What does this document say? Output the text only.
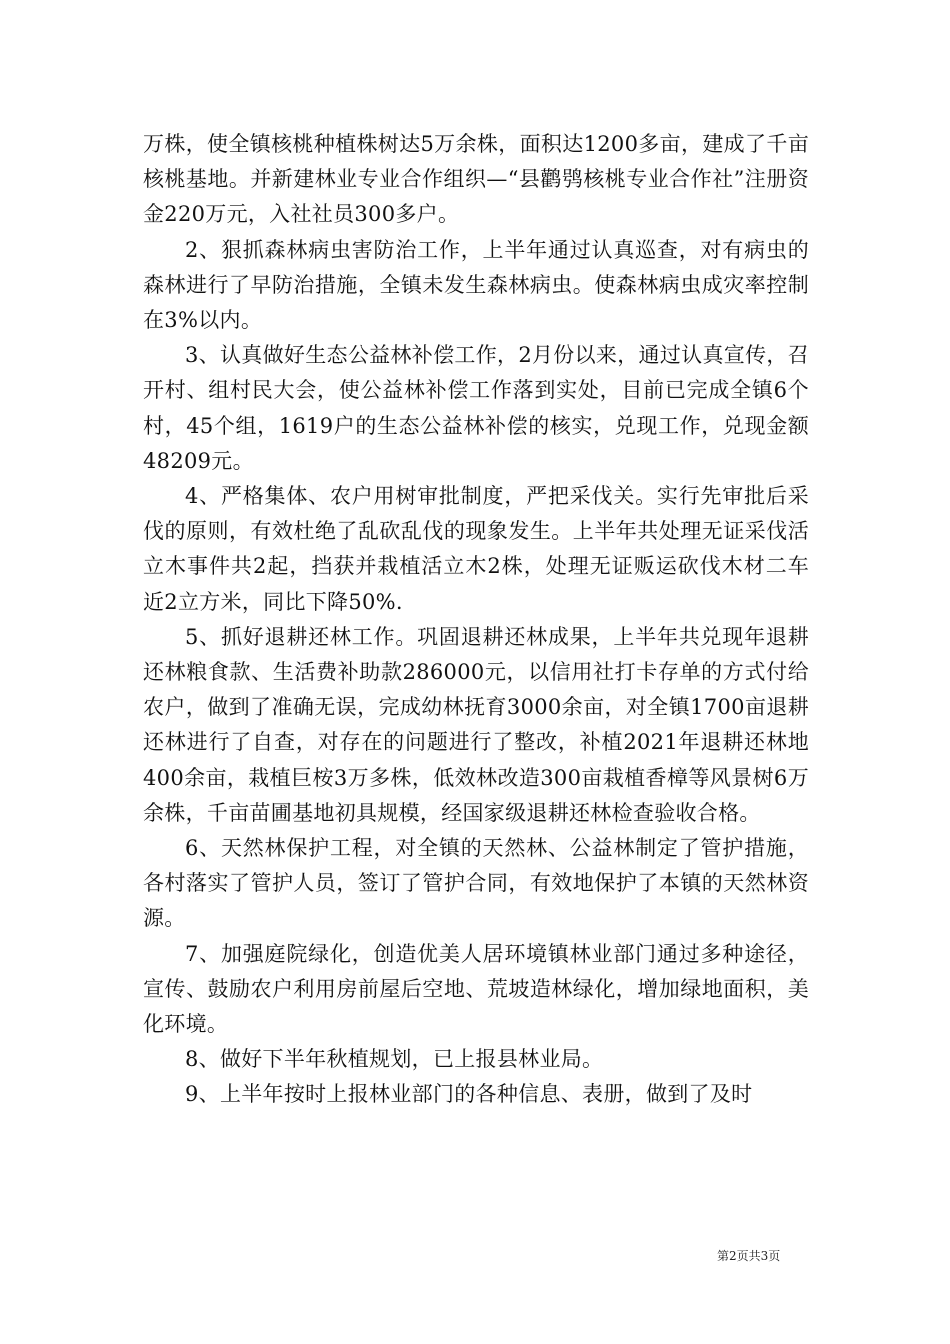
万株，使全镇核桃种植株树达5万余株，面积达1200多亩，建成了千亩核桃基地。并新建林业专业合作组织—“县鹳鸮核桃专业合作社”注册资金220万元，入社社员300多户。

2、狠抓森林病虫害防治工作，上半年通过认真巡查，对有病虫的森林进行了早防治措施，全镇未发生森林病虫。使森林病虫成灾率控制在3%以内。

3、认真做好生态公益林补偿工作，2月份以来，通过认真宣传，召开村、组村民大会，使公益林补偿工作落到实处，目前已完成全镇6个村，45个组，1619户的生态公益林补偿的核实，兑现工作，兑现金额48209元。

4、严格集体、农户用树审批制度，严把采伐关。实行先审批后采伐的原则，有效杜绝了乱砍乱伐的现象发生。上半年共处理无证采伐活立木事件共2起，挡获并栽植活立木2株，处理无证贩运砍伐木材二车近2立方米，同比下降50%.

5、抓好退耕还林工作。巩固退耕还林成果，上半年共兑现年退耕还林粮食款、生活费补助款286000元，以信用社打卡存单的方式付给农户，做到了准确无误，完成幼林抚育3000余亩，对全镇1700亩退耕还林进行了自查，对存在的问题进行了整改，补植2021年退耕还林地400余亩，栽植巨桉3万多株，低效林改造300亩栽植香樟等风景树6万余株，千亩苗圃基地初具规模，经国家级退耕还林检查验收合格。

6、天然林保护工程，对全镇的天然林、公益林制定了管护措施，各村落实了管护人员，签订了管护合同，有效地保护了本镇的天然林资源。

7、加强庭院绿化，创造优美人居环境镇林业部门通过多种途径，宣传、鼓励农户利用房前屋后空地、荒坡造林绿化，增加绿地面积，美化环境。

8、做好下半年秋植规划，已上报县林业局。

9、上半年按时上报林业部门的各种信息、表册，做到了及时

第2页共3页
